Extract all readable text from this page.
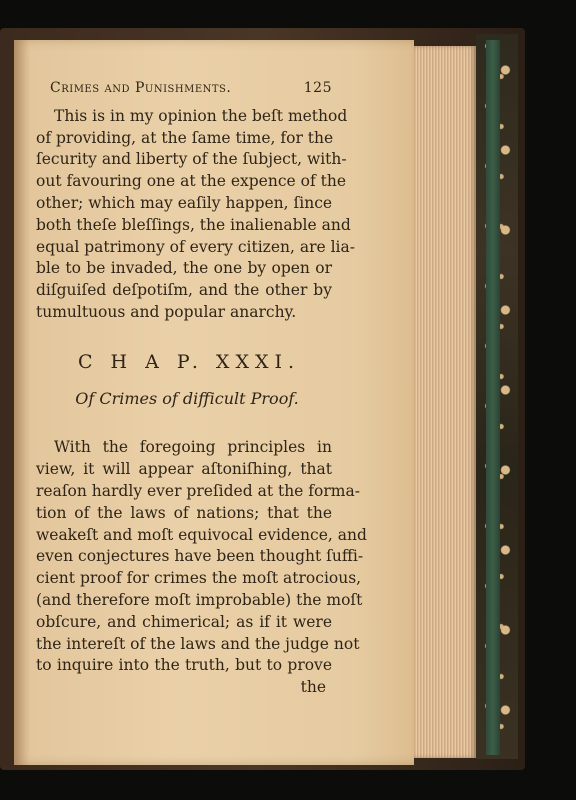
Crimes and Punishments.	125
This is in my opinion the beſt method
of providing, at the ſame time, for the
ſecurity and liberty of the ſubject, with-
out favouring one at the expence of the
other; which may eaſily happen, ſince
both theſe bleſſings, the inalienable and
equal patrimony of every citizen, are lia-
ble to be invaded, the one by open or
diſguiſed deſpotiſm, and the other by
tumultuous and popular anarchy.
C H A P. XXXI.
Of Crimes of difficult Proof.
With the foregoing principles in
view, it will appear aſtoniſhing, that
reaſon hardly ever preſided at the forma-
tion of the laws of nations; that the
weakeſt and moſt equivocal evidence, and
even conjectures have been thought ſuffi-
cient proof for crimes the moſt atrocious,
(and therefore moſt improbable) the moſt
obſcure, and chimerical; as if it were
the intereſt of the laws and the judge not
to inquire into the truth, but to prove
the
